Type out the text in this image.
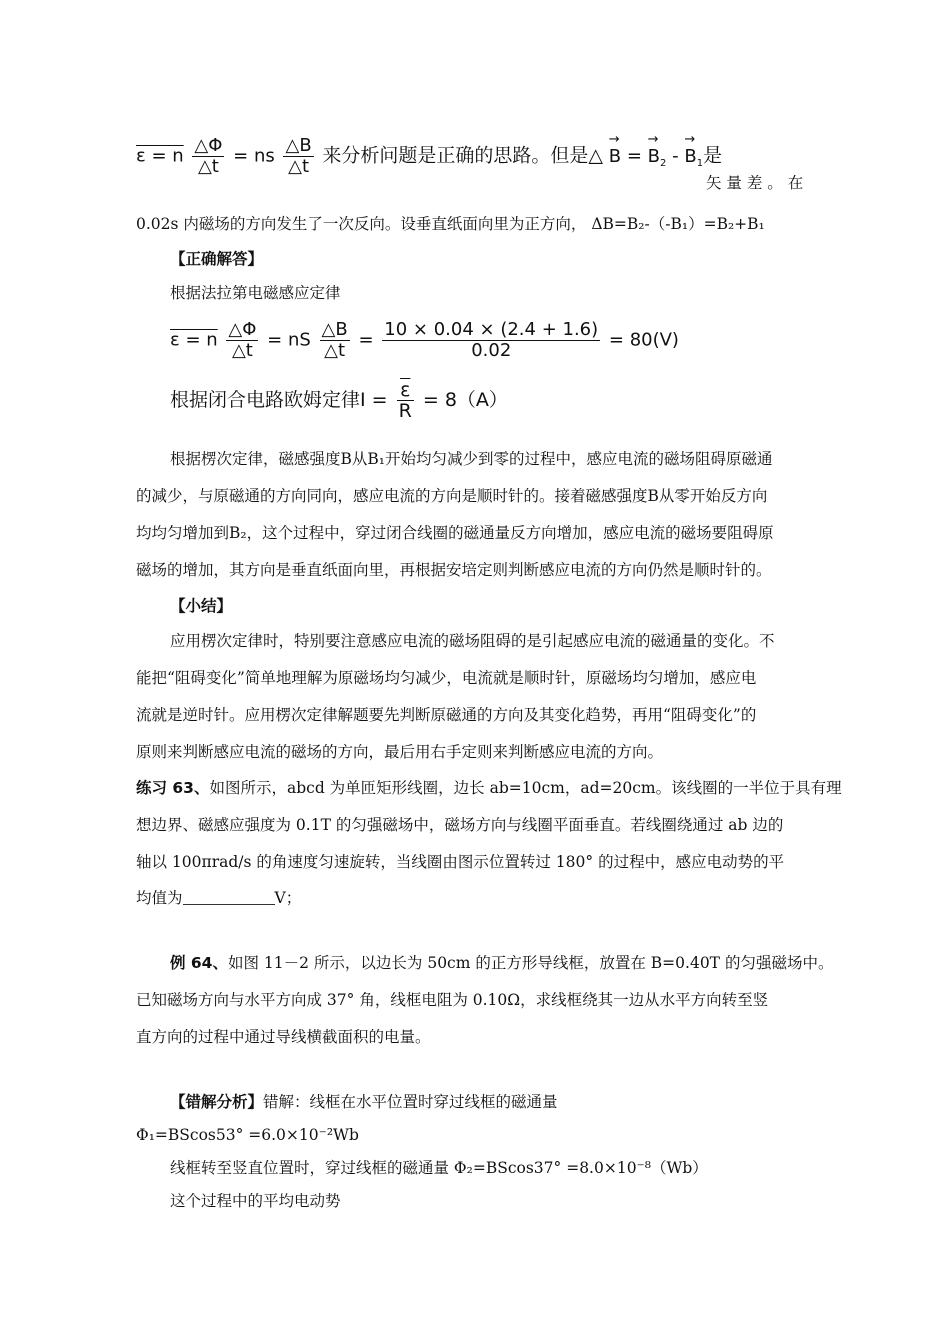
ε = n $\frac{\triangle\Phi}{\triangle t}$ = ns $\frac{\triangle B}{\triangle t}$ 来分析问题是正确的思路。但是△ → B = → $B_2$ - → $B_1$是
矢 量 差 。 在
0.02s 内磁场的方向发生了一次反向。设垂直纸面向里为正方向， ΔB=B₂-（-B₁）=B₂+B₁
【正确解答】
根据法拉第电磁感应定律
ε = n $\frac{\triangle\Phi}{\triangle t}$ = nS $\frac{\triangle B}{\triangle t} = \frac{10 \times 0.04 \times (2.4 + 1.6)}{0.02} = 80(V)$
根据闭合电路欧姆定律$I = \frac{\overline{\varepsilon}}{R} = 8(A)$
根据楞次定律，磁感强度B从B₁开始均匀减少到零的过程中，感应电流的磁场阻碍原磁通
的减少，与原磁通的方向同向，感应电流的方向是顺时针的。接着磁感强度B从零开始反方向
均均匀增加到B₂，这个过程中，穿过闭合线圈的磁通量反方向增加，感应电流的磁场要阻碍原
磁场的增加，其方向是垂直纸面向里，再根据安培定则判断感应电流的方向仍然是顺时针的。
【小结】
应用楞次定律时，特别要注意感应电流的磁场阻碍的是引起感应电流的磁通量的变化。不
能把“阻碍变化”简单地理解为原磁场均匀减少，电流就是顺时针，原磁场均匀增加，感应电
流就是逆时针。应用楞次定律解题要先判断原磁通的方向及其变化趋势，再用“阻碍变化”的
原则来判断感应电流的磁场的方向，最后用右手定则来判断感应电流的方向。
练习 63、如图所示，abcd 为单匝矩形线圈，边长 ab=10cm，ad=20cm。该线圈的一半位于具有理
想边界、磁感应强度为 0.1T 的匀强磁场中，磁场方向与线圈平面垂直。若线圈绕通过 ab 边的
轴以 100πrad/s 的角速度匀速旋转，当线圈由图示位置转过 180° 的过程中，感应电动势的平
均值为	V；
例 64、如图 11－2 所示，以边长为 50cm 的正方形导线框，放置在 B=0.40T 的匀强磁场中。
已知磁场方向与水平方向成 37° 角，线框电阻为 0.10Ω，求线框绕其一边从水平方向转至竖
直方向的过程中通过导线横截面积的电量。
【错解分析】错解：线框在水平位置时穿过线框的磁通量
Φ₁=BScos53° =6.0×10⁻²Wb
线框转至竖直位置时，穿过线框的磁通量 Φ₂=BScos37° =8.0×10⁻⁸（Wb）
这个过程中的平均电动势
